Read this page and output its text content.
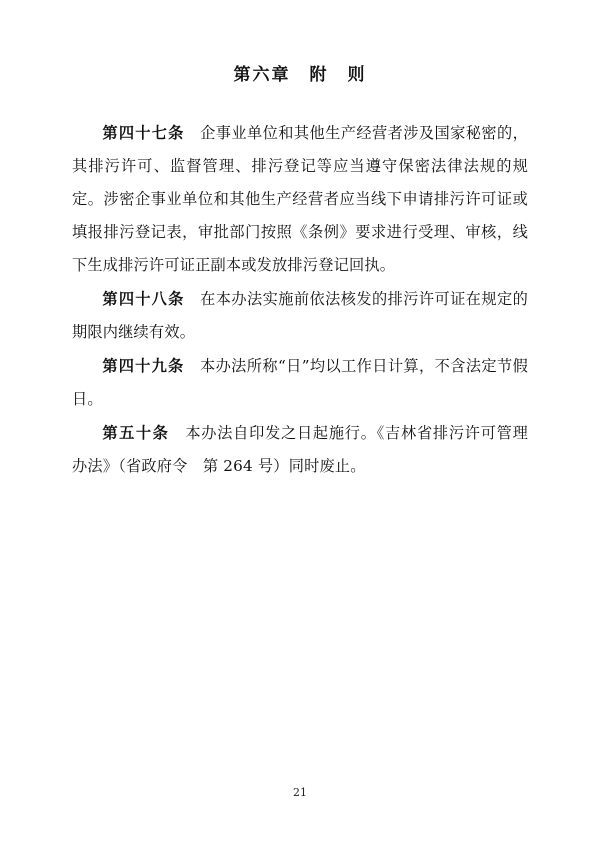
第六章　附　则

第四十七条　企事业单位和其他生产经营者涉及国家秘密的，其排污许可、监督管理、排污登记等应当遵守保密法律法规的规定。涉密企事业单位和其他生产经营者应当线下申请排污许可证或填报排污登记表，审批部门按照《条例》要求进行受理、审核，线下生成排污许可证正副本或发放排污登记回执。

第四十八条　在本办法实施前依法核发的排污许可证在规定的期限内继续有效。

第四十九条　本办法所称“日”均以工作日计算，不含法定节假日。

第五十条　本办法自印发之日起施行。《吉林省排污许可管理办法》（省政府令　第 264 号）同时废止。

21
